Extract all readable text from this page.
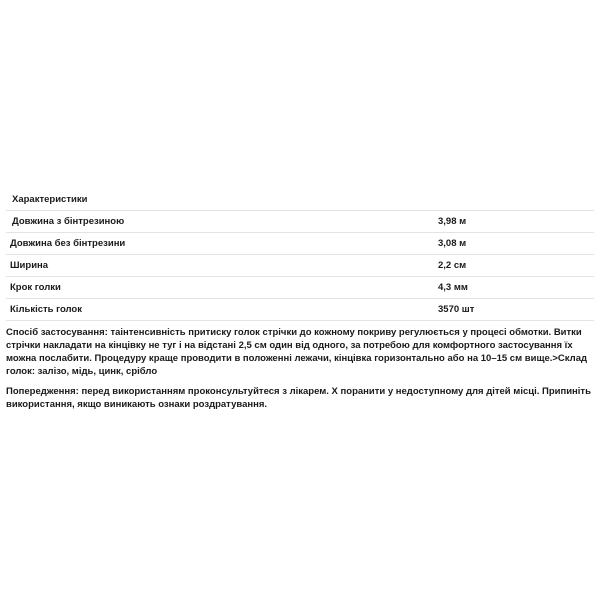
Характеристики
Довжина з бінтрезиною	3,98 м
Довжина без бінтрезини	3,08 м
Ширина	2,2 см
Крок голки	4,3 мм
Кількість голок	3570 шт
Спосіб застосування: таінтенсивність притиску голок стрічки до кожному покриву регулюється у процесі обмотки. Витки стрічки накладати на кінцівку не туг і на відстані 2,5 см один від одного, за потребою для комфортного застосування їх можна послабити. Процедуру краще проводити в положенні лежачи, кінцівка горизонтально або на 10–15 см вище.>Склад голок: залізо, мідь, цинк, срібло
Попередження: перед використанням проконсультуйтеся з лікарем. Х поранити у недоступному для дітей місці. Припиніть використання, якщо виникають ознаки роздратування.
